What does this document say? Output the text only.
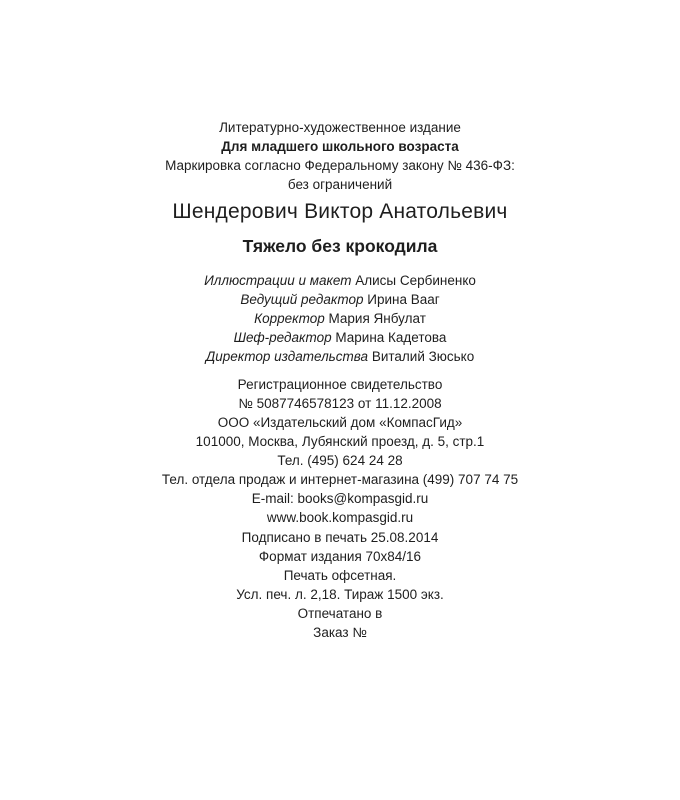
Литературно-художественное издание
Для младшего школьного возраста
Маркировка согласно Федеральному закону № 436-ФЗ:
без ограничений
Шендерович Виктор Анатольевич
Тяжело без крокодила
Иллюстрации и макет Алисы Сербиненко
Ведущий редактор Ирина Вааг
Корректор Мария Янбулат
Шеф-редактор Марина Кадетова
Директор издательства Виталий Зюсько
Регистрационное свидетельство
№ 5087746578123 от 11.12.2008
ООО «Издательский дом «КомпасГид»
101000, Москва, Лубянский проезд, д. 5, стр.1
Тел. (495) 624 24 28
Тел. отдела продаж и интернет-магазина (499) 707 74 75
E-mail: books@kompasgid.ru
www.book.kompasgid.ru
Подписано в печать 25.08.2014
Формат издания 70х84/16
Печать офсетная.
Усл. печ. л. 2,18. Тираж 1500 экз.
Отпечатано в
Заказ №
